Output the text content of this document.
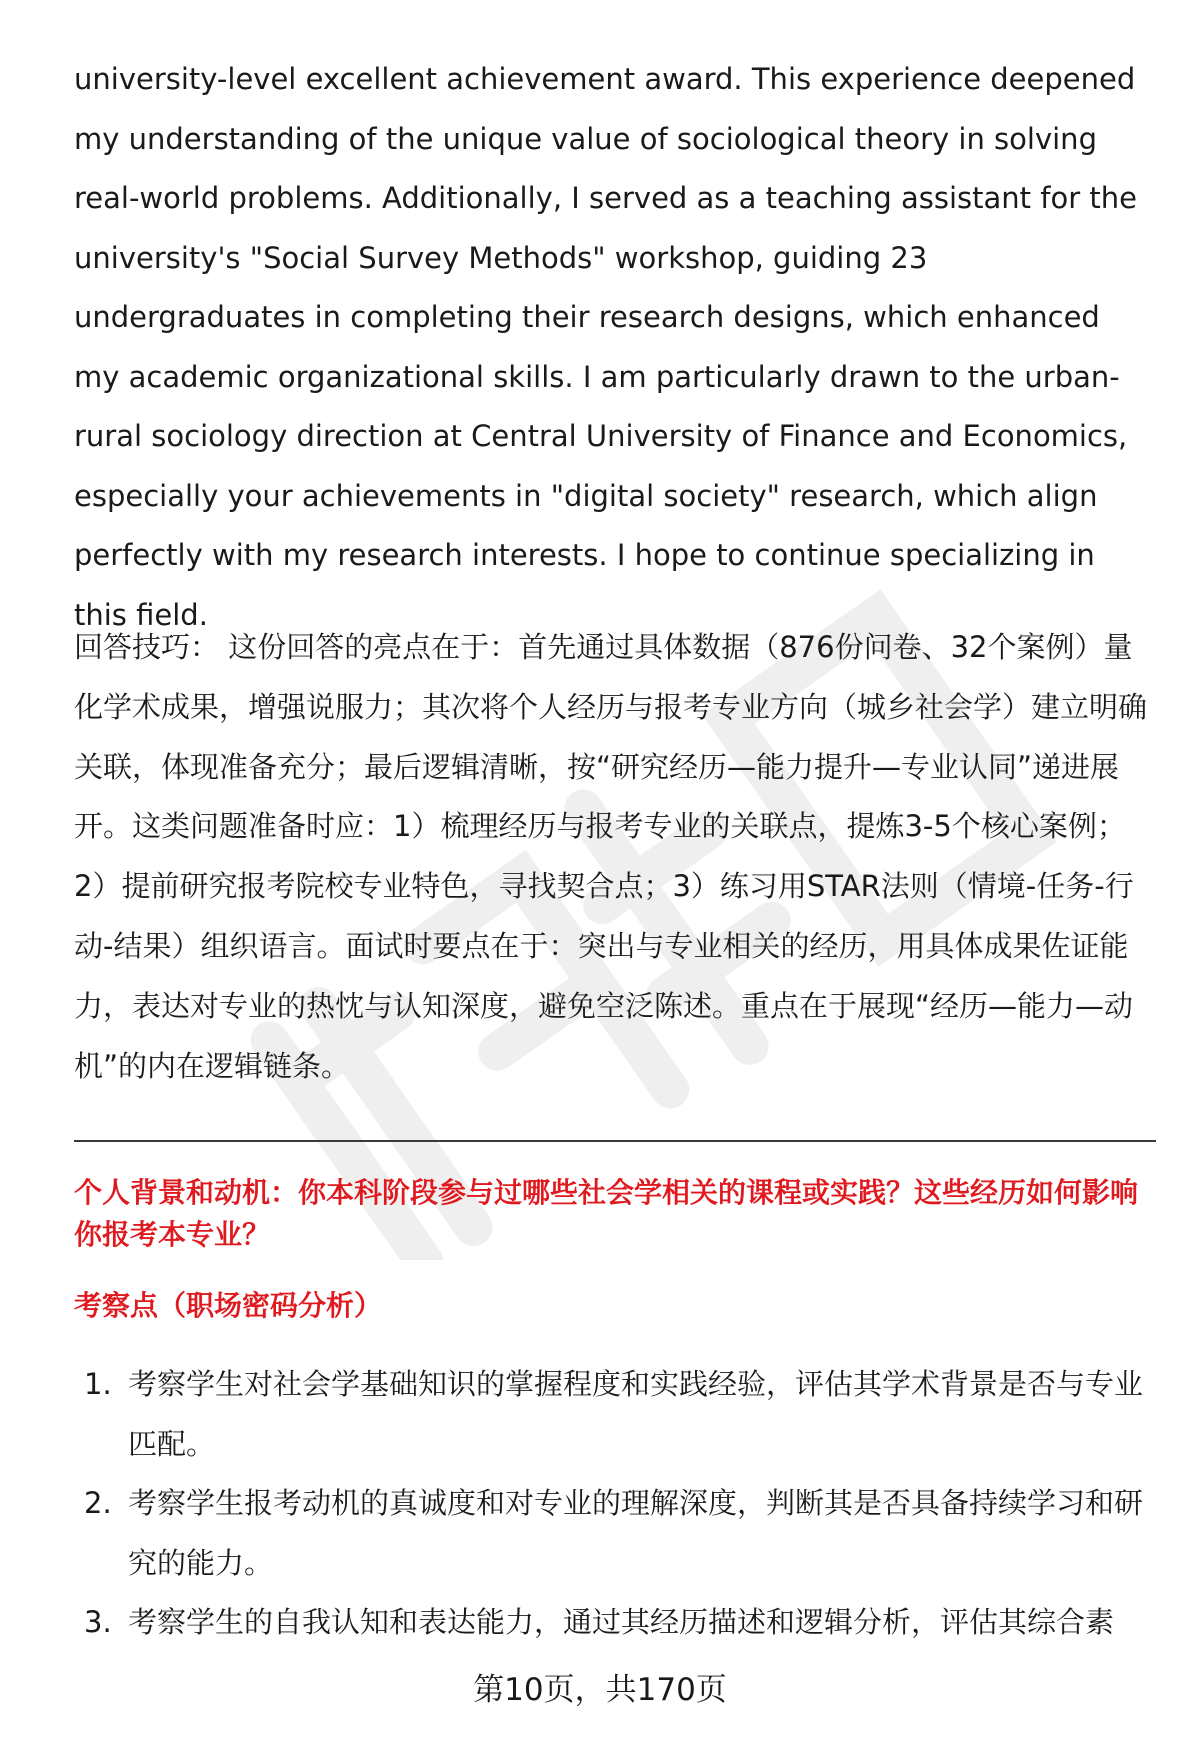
university-level excellent achievement award. This experience deepened my understanding of the unique value of sociological theory in solving real-world problems. Additionally, I served as a teaching assistant for the university's "Social Survey Methods" workshop, guiding 23 undergraduates in completing their research designs, which enhanced my academic organizational skills. I am particularly drawn to the urban-rural sociology direction at Central University of Finance and Economics, especially your achievements in "digital society" research, which align perfectly with my research interests. I hope to continue specializing in this field.

回答技巧： 这份回答的亮点在于：首先通过具体数据（876份问卷、32个案例）量化学术成果，增强说服力；其次将个人经历与报考专业方向（城乡社会学）建立明确关联，体现准备充分；最后逻辑清晰，按“研究经历—能力提升—专业认同”递进展开。这类问题准备时应：1）梳理经历与报考专业的关联点，提炼3-5个核心案例；2）提前研究报考院校专业特色，寻找契合点；3）练习用STAR法则（情境-任务-行动-结果）组织语言。面试时要点在于：突出与专业相关的经历，用具体成果佐证能力，表达对专业的热忱与认知深度，避免空泛陈述。重点在于展现“经历—能力—动机”的内在逻辑链条。

个人背景和动机：你本科阶段参与过哪些社会学相关的课程或实践？这些经历如何影响你报考本专业？
考察点（职场密码分析）
1. 考察学生对社会学基础知识的掌握程度和实践经验，评估其学术背景是否与专业匹配。
2. 考察学生报考动机的真诚度和对专业的理解深度，判断其是否具备持续学习和研究的能力。
3. 考察学生的自我认知和表达能力，通过其经历描述和逻辑分析，评估其综合素
第10页，共170页
